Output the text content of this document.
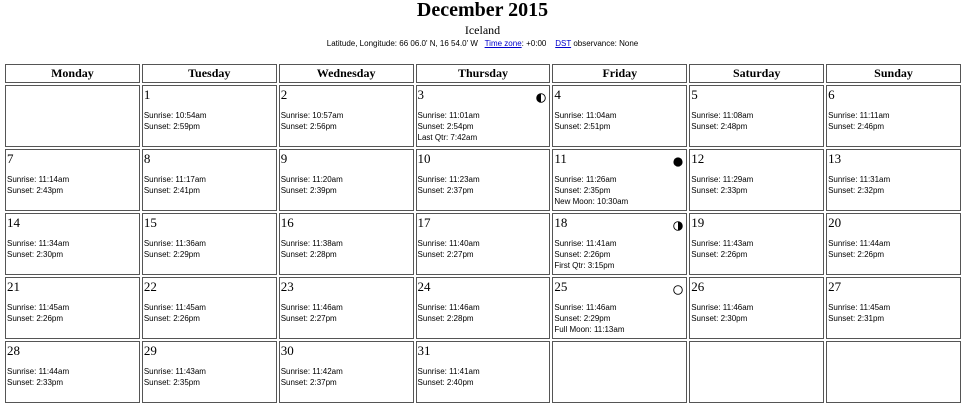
December 2015
Iceland
Latitude, Longitude: 66 06.0' N, 16 54.0' W Time zone: +0:00 DST observance: None
Monday	Tuesday	Wednesday	Thursday	Friday	Saturday	Sunday

	1
Sunrise: 10:54am
Sunset: 2:59pm	2
Sunrise: 10:57am
Sunset: 2:56pm	3
Sunrise: 11:01am
Sunset: 2:54pm
Last Qtr: 7:42am	4
Sunrise: 11:04am
Sunset: 2:51pm	5
Sunrise: 11:08am
Sunset: 2:48pm	6
Sunrise: 11:11am
Sunset: 2:46pm

7
Sunrise: 11:14am
Sunset: 2:43pm	8
Sunrise: 11:17am
Sunset: 2:41pm	9
Sunrise: 11:20am
Sunset: 2:39pm	10
Sunrise: 11:23am
Sunset: 2:37pm	11
Sunrise: 11:26am
Sunset: 2:35pm
New Moon: 10:30am	12
Sunrise: 11:29am
Sunset: 2:33pm	13
Sunrise: 11:31am
Sunset: 2:32pm

14
Sunrise: 11:34am
Sunset: 2:30pm	15
Sunrise: 11:36am
Sunset: 2:29pm	16
Sunrise: 11:38am
Sunset: 2:28pm	17
Sunrise: 11:40am
Sunset: 2:27pm	18
Sunrise: 11:41am
Sunset: 2:26pm
First Qtr: 3:15pm	19
Sunrise: 11:43am
Sunset: 2:26pm	20
Sunrise: 11:44am
Sunset: 2:26pm

21
Sunrise: 11:45am
Sunset: 2:26pm	22
Sunrise: 11:45am
Sunset: 2:26pm	23
Sunrise: 11:46am
Sunset: 2:27pm	24
Sunrise: 11:46am
Sunset: 2:28pm	25
Sunrise: 11:46am
Sunset: 2:29pm
Full Moon: 11:13am	26
Sunrise: 11:46am
Sunset: 2:30pm	27
Sunrise: 11:45am
Sunset: 2:31pm

28
Sunrise: 11:44am
Sunset: 2:33pm	29
Sunrise: 11:43am
Sunset: 2:35pm	30
Sunrise: 11:42am
Sunset: 2:37pm	31
Sunrise: 11:41am
Sunset: 2:40pm			
